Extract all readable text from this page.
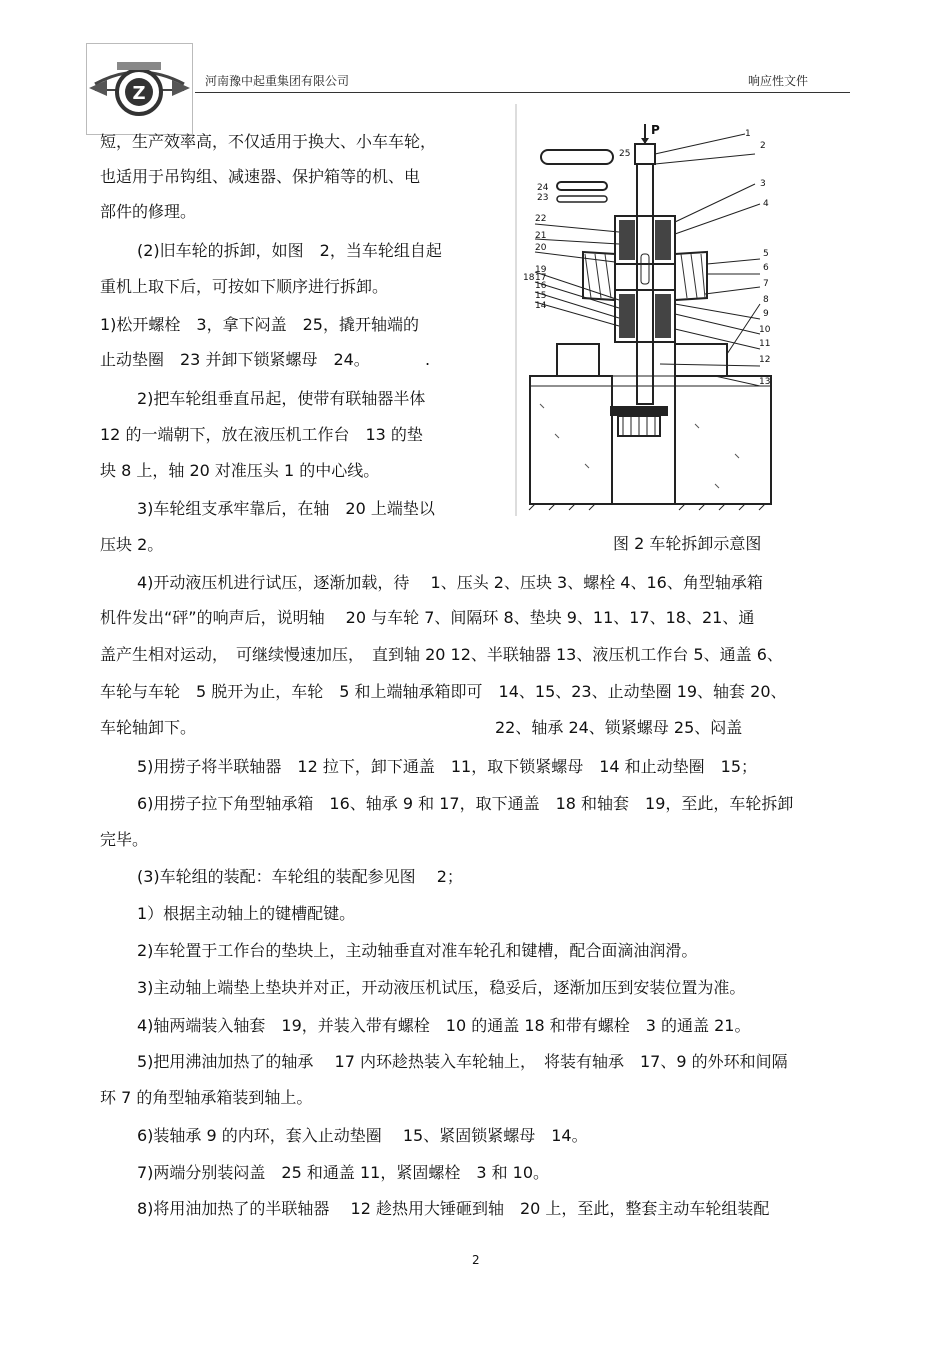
Z
河南豫中起重集团有限公司	响应性文件
P	1
2
3
4
5
6
7
8
9
10
11
12
13
14
15
16
17
19
18
20
21
22
23
24
25
图 2 车轮拆卸示意图
短，生产效率高，不仅适用于换大、小车车轮，
也适用于吊钩组、减速器、保护箱等的机、电
部件的修理。
(2)旧车轮的拆卸，如图　2，当车轮组自起
重机上取下后，可按如下顺序进行拆卸。
1)松开螺栓　3，拿下闷盖　25，撬开轴端的
止动垫圈　23 并卸下锁紧螺母　24。	.
2)把车轮组垂直吊起，使带有联轴器半体
12 的一端朝下，放在液压机工作台　13 的垫
块 8 上，轴 20 对准压头 1 的中心线。
3)车轮组支承牢靠后，在轴　20 上端垫以
压块 2。
4)开动液压机进行试压，逐渐加载，待　 1、压头 2、压块 3、螺栓 4、16、角型轴承箱
机件发出“砰”的响声后，说明轴　 20 与车轮 7、间隔环 8、垫块 9、11、17、18、21、通
盖产生相对运动，　可继续慢速加压，　直到轴 20 12、半联轴器 13、液压机工作台 5、通盖 6、
车轮与车轮　5 脱开为止，车轮　5 和上端轴承箱即可　14、15、23、止动垫圈 19、轴套 20、
车轮轴卸下。	22、轴承 24、锁紧螺母 25、闷盖
5)用捞子将半联轴器　12 拉下，卸下通盖　11，取下锁紧螺母　14 和止动垫圈　15；
6)用捞子拉下角型轴承箱　16、轴承 9 和 17，取下通盖　18 和轴套　19，至此，车轮拆卸
完毕。
(3)车轮组的装配：车轮组的装配参见图　 2；
1）根据主动轴上的键槽配键。
2)车轮置于工作台的垫块上，主动轴垂直对准车轮孔和键槽，配合面滴油润滑。
3)主动轴上端垫上垫块并对正，开动液压机试压，稳妥后，逐渐加压到安装位置为准。
4)轴两端装入轴套　19，并装入带有螺栓　10 的通盖 18 和带有螺栓　3 的通盖 21。
5)把用沸油加热了的轴承　 17 内环趁热装入车轮轴上，　将装有轴承　17、9 的外环和间隔
环 7 的角型轴承箱装到轴上。
6)装轴承 9 的内环，套入止动垫圈　 15、紧固锁紧螺母　14。
7)两端分别装闷盖　25 和通盖 11，紧固螺栓　3 和 10。
8)将用油加热了的半联轴器　 12 趁热用大锤砸到轴　20 上，至此，整套主动车轮组装配
2
